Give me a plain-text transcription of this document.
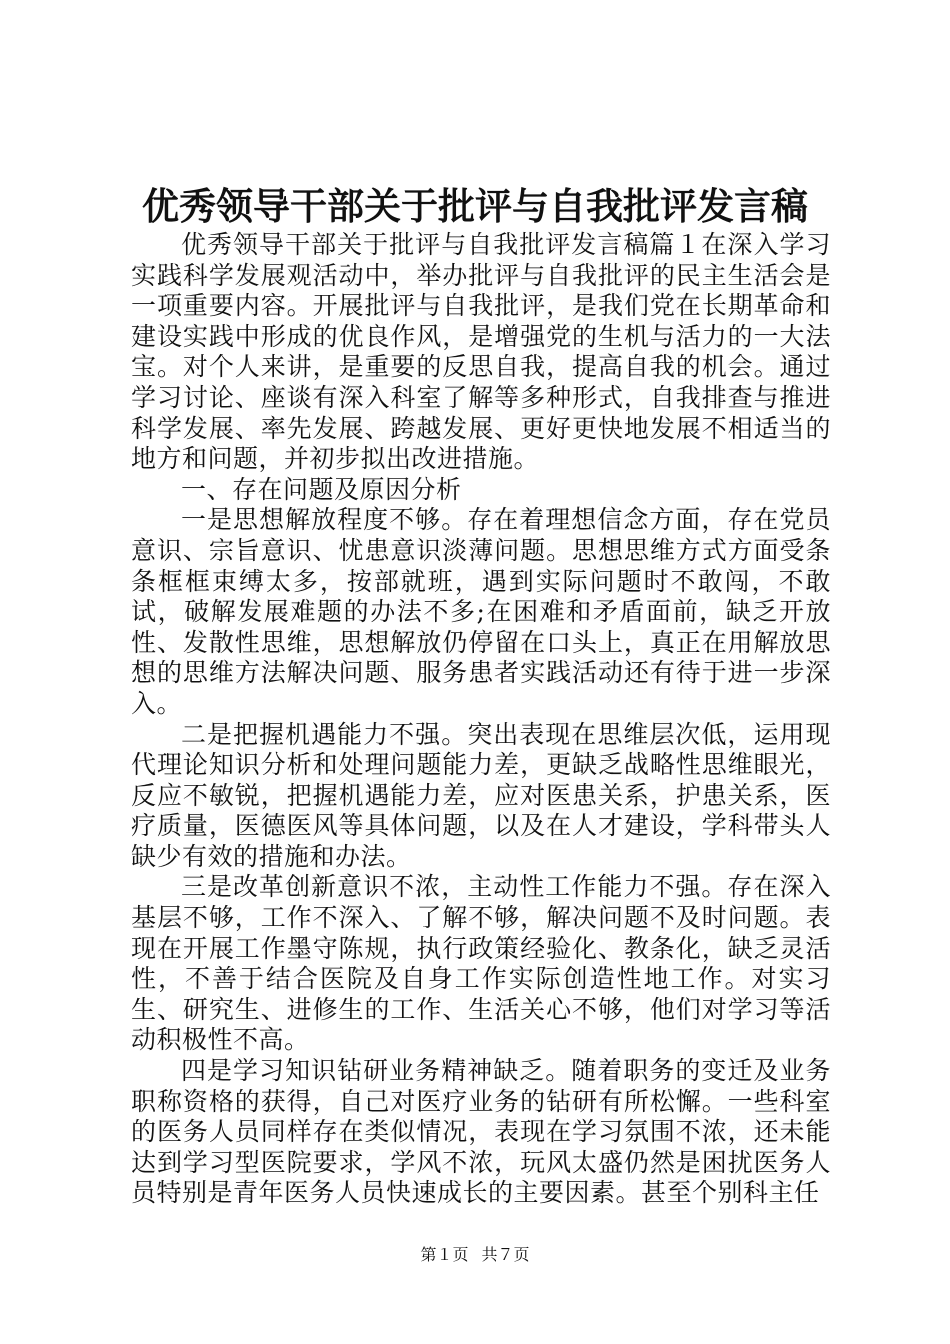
优秀领导干部关于批评与自我批评发言稿

优秀领导干部关于批评与自我批评发言稿篇１在深入学习实践科学发展观活动中，举办批评与自我批评的民主生活会是一项重要内容。开展批评与自我批评，是我们党在长期革命和建设实践中形成的优良作风，是增强党的生机与活力的一大法宝。对个人来讲，是重要的反思自我，提高自我的机会。通过学习讨论、座谈有深入科室了解等多种形式，自我排查与推进科学发展、率先发展、跨越发展、更好更快地发展不相适当的地方和问题，并初步拟出改进措施。

一、存在问题及原因分析

一是思想解放程度不够。存在着理想信念方面，存在党员意识、宗旨意识、忧患意识淡薄问题。思想思维方式方面受条条框框束缚太多，按部就班，遇到实际问题时不敢闯，不敢试，破解发展难题的办法不多;在困难和矛盾面前，缺乏开放性、发散性思维，思想解放仍停留在口头上，真正在用解放思想的思维方法解决问题、服务患者实践活动还有待于进一步深入。

二是把握机遇能力不强。突出表现在思维层次低，运用现代理论知识分析和处理问题能力差，更缺乏战略性思维眼光，反应不敏锐，把握机遇能力差，应对医患关系，护患关系，医疗质量，医德医风等具体问题，以及在人才建设，学科带头人缺少有效的措施和办法。

三是改革创新意识不浓，主动性工作能力不强。存在深入基层不够，工作不深入、了解不够，解决问题不及时问题。表现在开展工作墨守陈规，执行政策经验化、教条化，缺乏灵活性，不善于结合医院及自身工作实际创造性地工作。对实习生、研究生、进修生的工作、生活关心不够，他们对学习等活动积极性不高。

四是学习知识钻研业务精神缺乏。随着职务的变迁及业务职称资格的获得，自己对医疗业务的钻研有所松懈。一些科室的医务人员同样存在类似情况，表现在学习氛围不浓，还未能达到学习型医院要求，学风不浓，玩风太盛仍然是困扰医务人员特别是青年医务人员快速成长的主要因素。甚至个别科主任

第１页 共７页
